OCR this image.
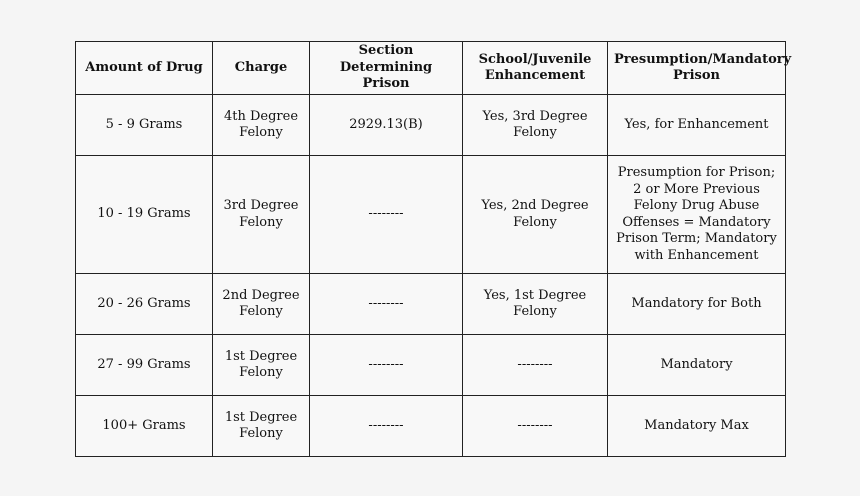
Amount of Drug	Charge	Section Determining Prison	School/Juvenile Enhancement	Presumption/Mandatory Prison
5 - 9 Grams	4th Degree Felony	2929.13(B)	Yes, 3rd Degree Felony	Yes, for Enhancement
10 - 19 Grams	3rd Degree Felony	--------	Yes, 2nd Degree Felony	Presumption for Prison; 2 or More Previous Felony Drug Abuse Offenses = Mandatory Prison Term; Mandatory with Enhancement
20 - 26 Grams	2nd Degree Felony	--------	Yes, 1st Degree Felony	Mandatory for Both
27 - 99 Grams	1st Degree Felony	--------	--------	Mandatory
100+ Grams	1st Degree Felony	--------	--------	Mandatory Max
